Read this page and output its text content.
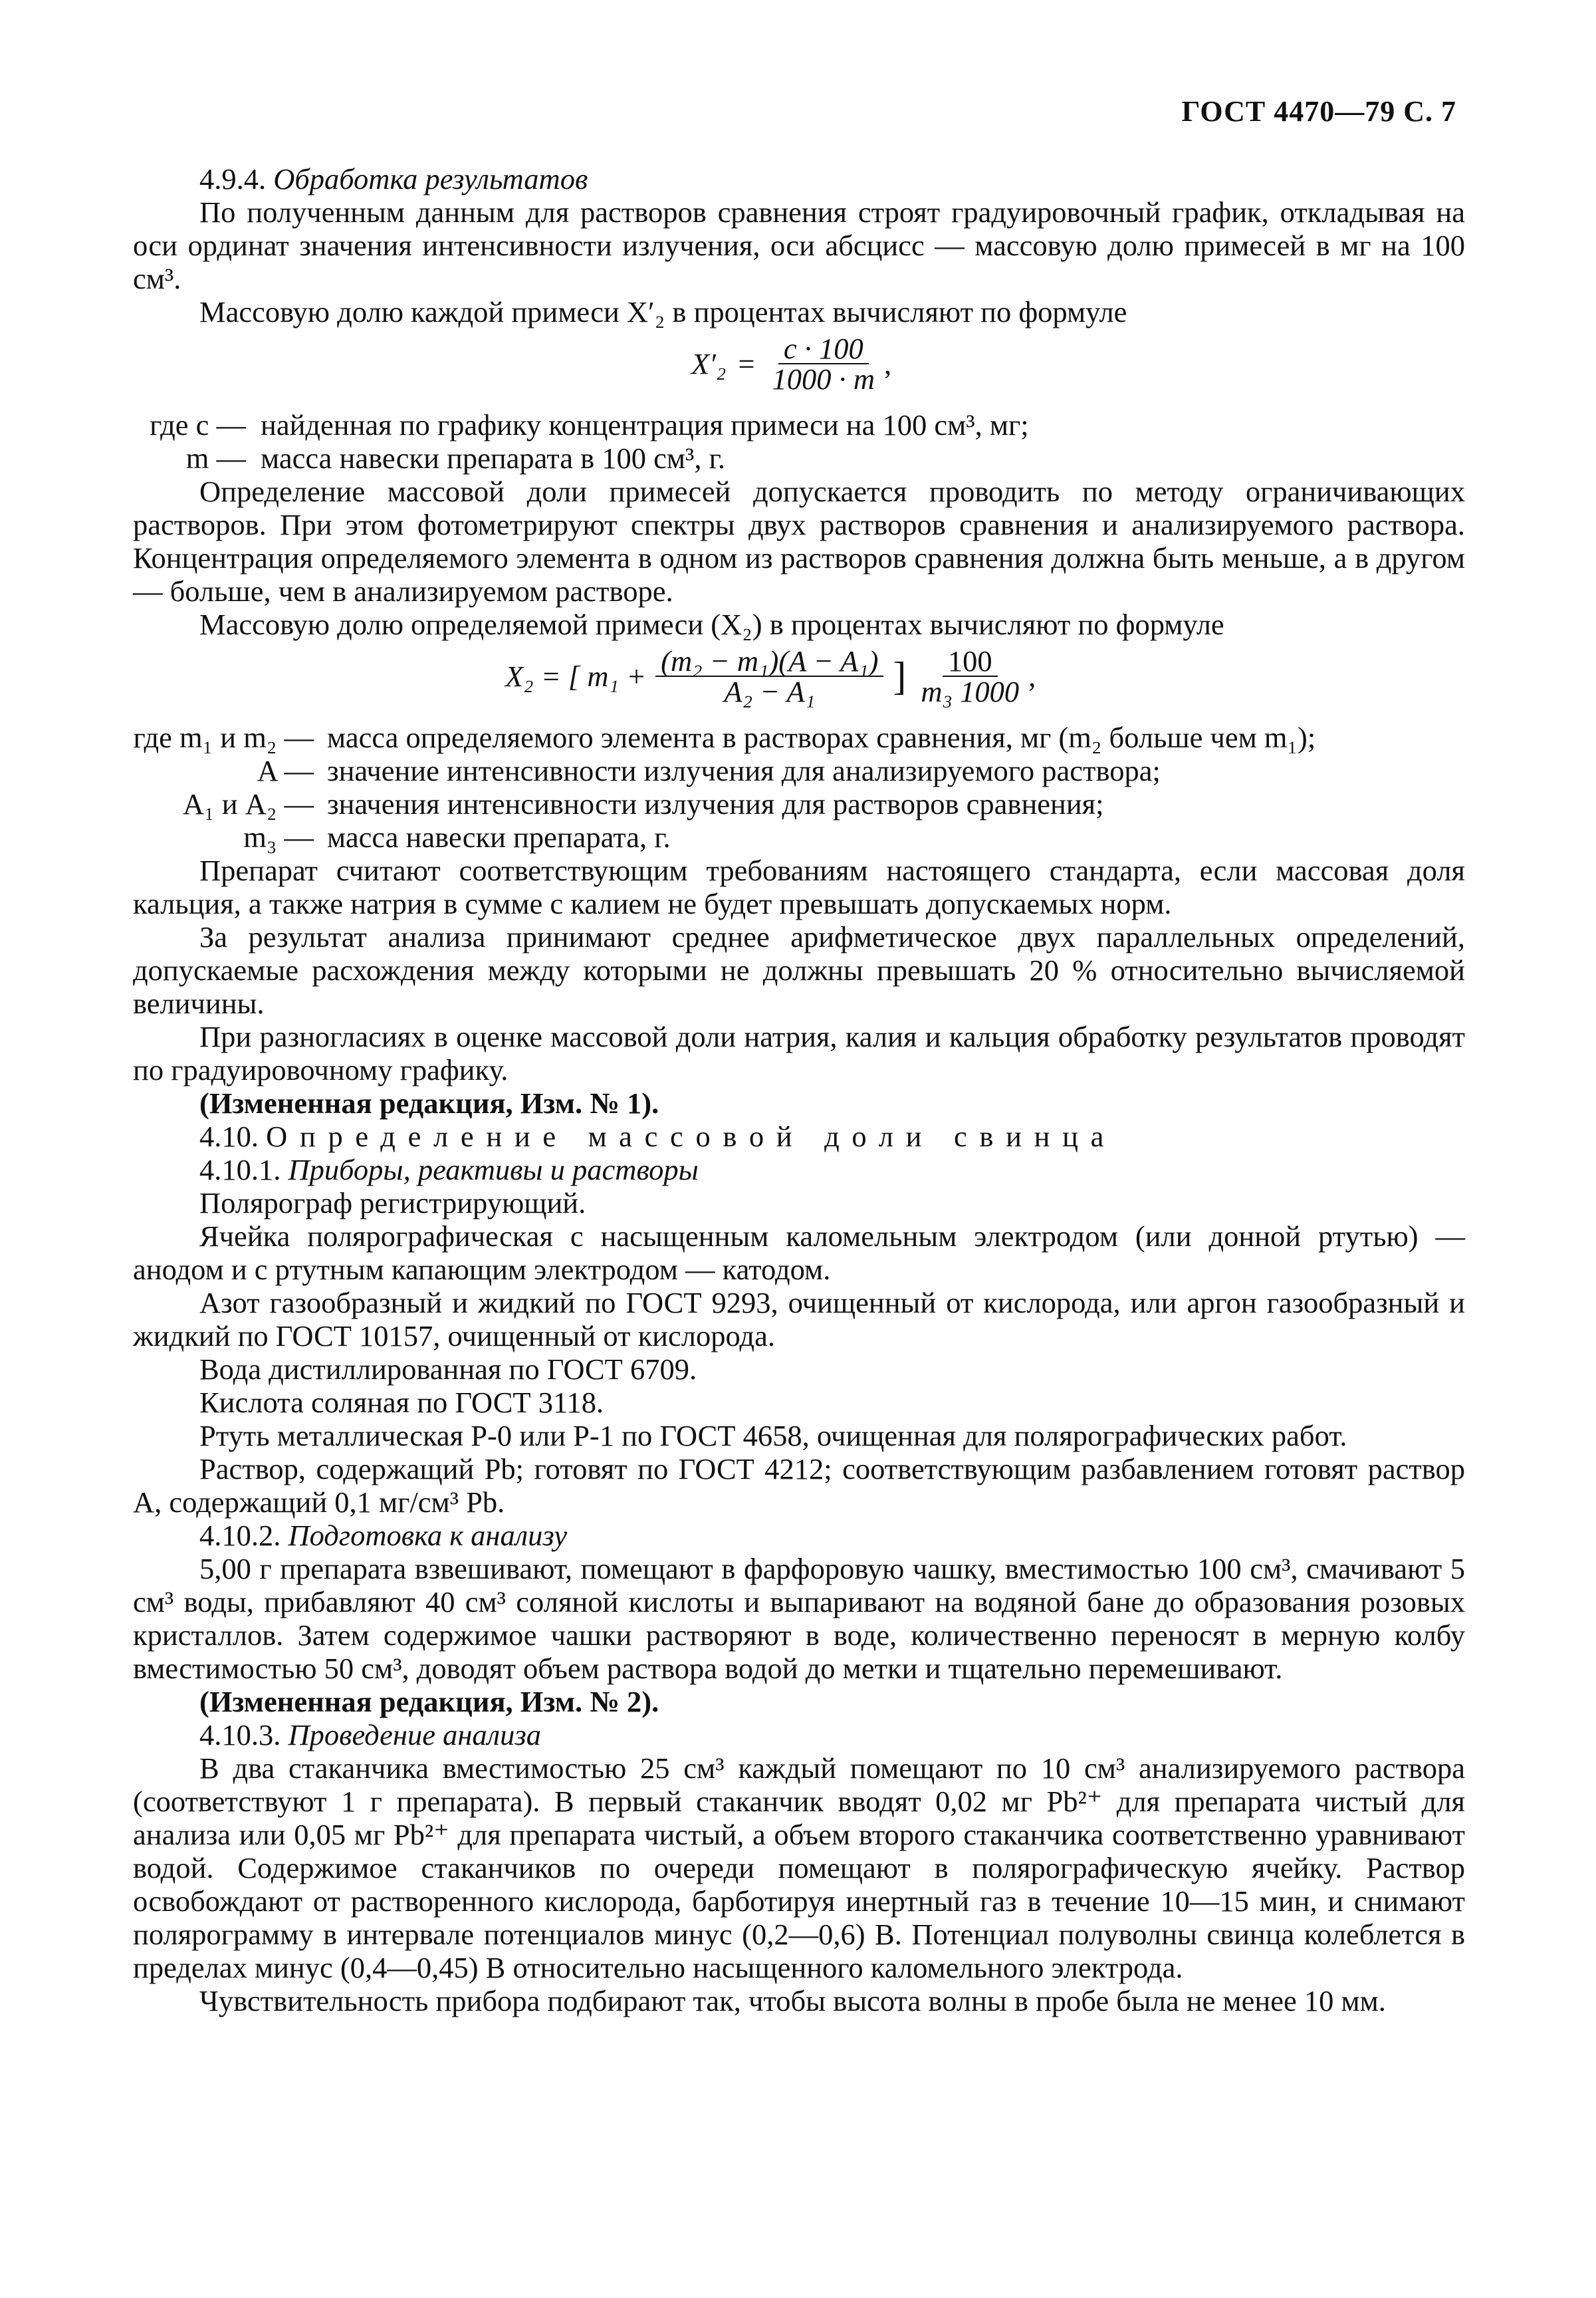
ГОСТ 4470—79 С. 7

4.9.4. Обработка результатов

По полученным данным для растворов сравнения строят градуировочный график, откладывая на оси ординат значения интенсивности излучения, оси абсцисс — массовую долю примесей в мг на 100 см³.

Массовую долю каждой примеси X′₂ в процентах вычисляют по формуле

$X'_2 = \frac{c \cdot 100}{1000 \cdot m}$ ,
где c — найденная по графику концентрация примеси на 100 см³, мг;
m — масса навески препарата в 100 см³, г.

Определение массовой доли примесей допускается проводить по методу ограничивающих растворов. При этом фотометрируют спектры двух растворов сравнения и анализируемого раствора. Концентрация определяемого элемента в одном из растворов сравнения должна быть меньше, а в другом — больше, чем в анализируемом растворе.

Массовую долю определяемой примеси (X₂) в процентах вычисляют по формуле

X₂ = [ $m_1 + \frac{\text{(m₂ − m₁)(A − A₁)}}{\text{A₂ − A₁}}$ ] $\frac{100}{\text{m₃ 1000}}$ ,
где m₁ и m₂ — масса определяемого элемента в растворах сравнения, мг (m₂ больше чем m₁);
A — значение интенсивности излучения для анализируемого раствора;
A₁ и A₂ — значения интенсивности излучения для растворов сравнения;
m₃ — масса навески препарата, г.

Препарат считают соответствующим требованиям настоящего стандарта, если массовая доля кальция, а также натрия в сумме с калием не будет превышать допускаемых норм.

За результат анализа принимают среднее арифметическое двух параллельных определений, допускаемые расхождения между которыми не должны превышать 20 % относительно вычисляемой величины.

При разногласиях в оценке массовой доли натрия, калия и кальция обработку результатов проводят по градуировочному графику.

(Измененная редакция, Изм. № 1).

4.10. Определение массовой доли свинца

4.10.1. Приборы, реактивы и растворы

Полярограф регистрирующий.

Ячейка полярографическая с насыщенным каломельным электродом (или донной ртутью) — анодом и с ртутным капающим электродом — катодом.

Азот газообразный и жидкий по ГОСТ 9293, очищенный от кислорода, или аргон газообразный и жидкий по ГОСТ 10157, очищенный от кислорода.

Вода дистиллированная по ГОСТ 6709.

Кислота соляная по ГОСТ 3118.

Ртуть металлическая Р-0 или Р-1 по ГОСТ 4658, очищенная для полярографических работ.

Раствор, содержащий Pb; готовят по ГОСТ 4212; соответствующим разбавлением готовят раствор А, содержащий 0,1 мг/см³ Pb.

4.10.2. Подготовка к анализу

5,00 г препарата взвешивают, помещают в фарфоровую чашку, вместимостью 100 см³, смачивают 5 см³ воды, прибавляют 40 см³ соляной кислоты и выпаривают на водяной бане до образования розовых кристаллов. Затем содержимое чашки растворяют в воде, количественно переносят в мерную колбу вместимостью 50 см³, доводят объем раствора водой до метки и тщательно перемешивают.

(Измененная редакция, Изм. № 2).

4.10.3. Проведение анализа

В два стаканчика вместимостью 25 см³ каждый помещают по 10 см³ анализируемого раствора (соответствуют 1 г препарата). В первый стаканчик вводят 0,02 мг Pb²⁺ для препарата чистый для анализа или 0,05 мг Pb²⁺ для препарата чистый, а объем второго стаканчика соответственно уравнивают водой. Содержимое стаканчиков по очереди помещают в полярографическую ячейку. Раствор освобождают от растворенного кислорода, барботируя инертный газ в течение 10—15 мин, и снимают полярограмму в интервале потенциалов минус (0,2—0,6) В. Потенциал полуволны свинца колеблется в пределах минус (0,4—0,45) В относительно насыщенного каломельного электрода.

Чувствительность прибора подбирают так, чтобы высота волны в пробе была не менее 10 мм.
